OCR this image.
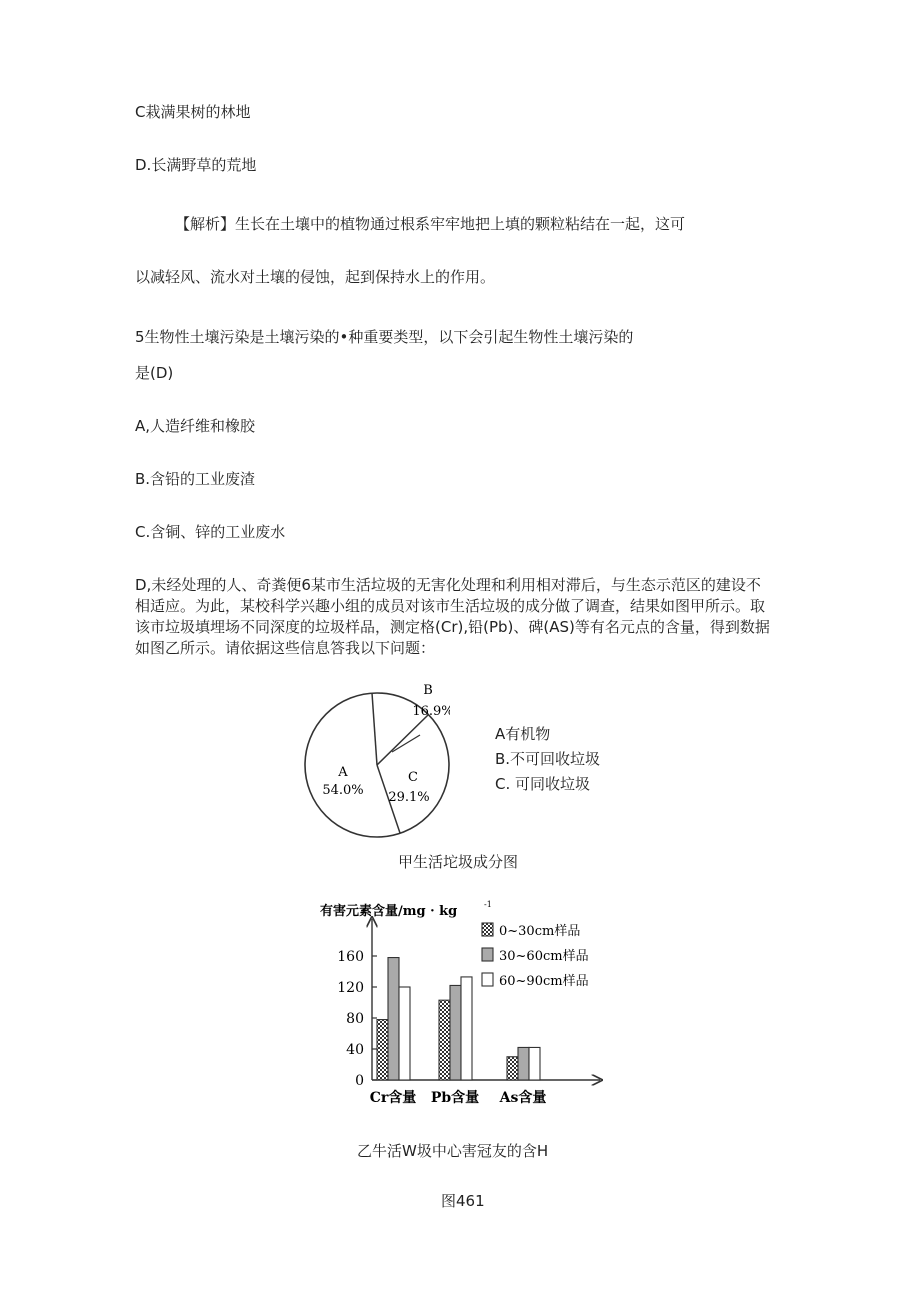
C栽满果树的林地
D.长满野草的荒地
【解析】生长在土壤中的植物通过根系牢牢地把上填的颗粒粘结在一起，这可
以减轻风、流水对土壤的侵蚀，起到保持水上的作用。
5生物性土壤污染是土壤污染的•种重要类型，以下会引起生物性土壤污染的
是(D)
A,人造纤维和橡胶
B.含铅的工业废渣
C.含铜、锌的工业废水
D,未经处理的人、奇粪便6某市生活垃圾的无害化处理和利用相对滞后，与生态示范区的建设不相适应。为此，某校科学兴趣小组的成员对该市生活垃圾的成分做了调查，结果如图甲所示。取该市垃圾填埋场不同深度的垃圾样品，测定格(Cr),铅(Pb)、碑(AS)等有名元点的含量，得到数据如图乙所示。请依据这些信息答我以下问题：
B
16.9%
A
54.0%
C
29.1%
A有机物
B.不可回收垃圾
C. 可同收垃圾
甲生活坨圾成分图
有害元素含量/mg · kg	-1
0
40
80
120
160
Cr含量 Pb含量 As含量
0~30cm样品
30~60cm样品
60~90cm样品
乙牛活W圾中心害冠友的含H
图461
